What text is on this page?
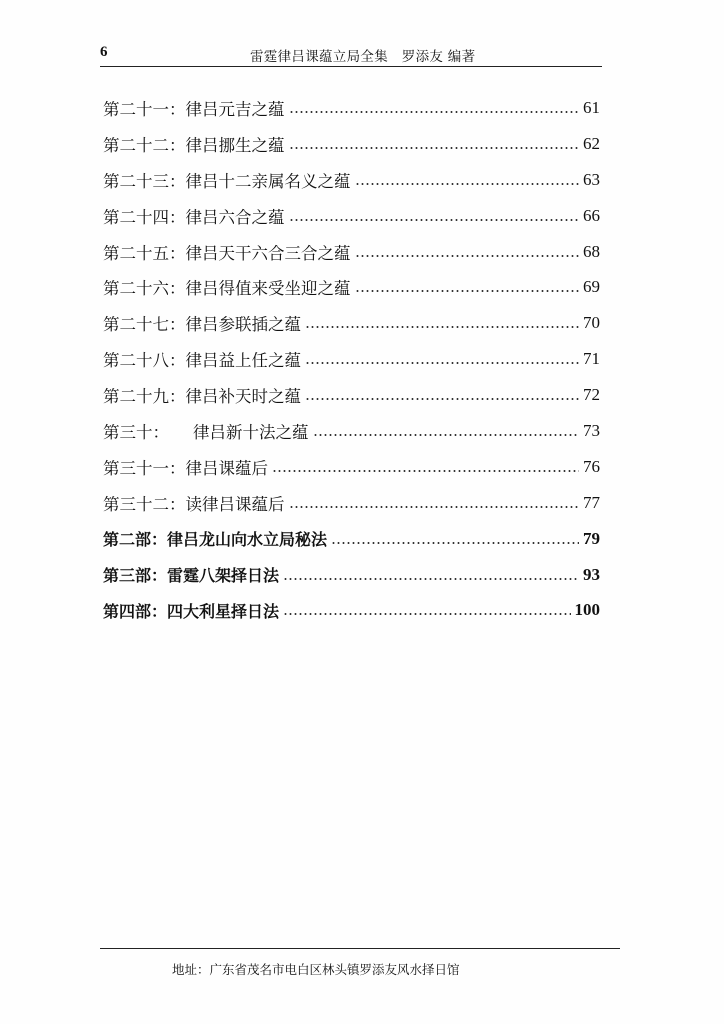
6	雷霆律吕课蕴立局全集　罗添友 编著
第二十一： 律吕元吉之蕴	61
第二十二： 律吕挪生之蕴	62
第二十三： 律吕十二亲属名义之蕴	63
第二十四： 律吕六合之蕴	66
第二十五： 律吕天干六合三合之蕴	68
第二十六： 律吕得值来受坐迎之蕴	69
第二十七： 律吕参联插之蕴	70
第二十八： 律吕益上任之蕴	71
第二十九： 律吕补天时之蕴	72
第三十：	律吕新十法之蕴	73
第三十一： 律吕课蕴后	76
第三十二： 读律吕课蕴后	77
第二部： 律吕龙山向水立局秘法	79
第三部： 雷霆八架择日法	93
第四部： 四大利星择日法	100
地址：广东省茂名市电白区林头镇罗添友风水择日馆
